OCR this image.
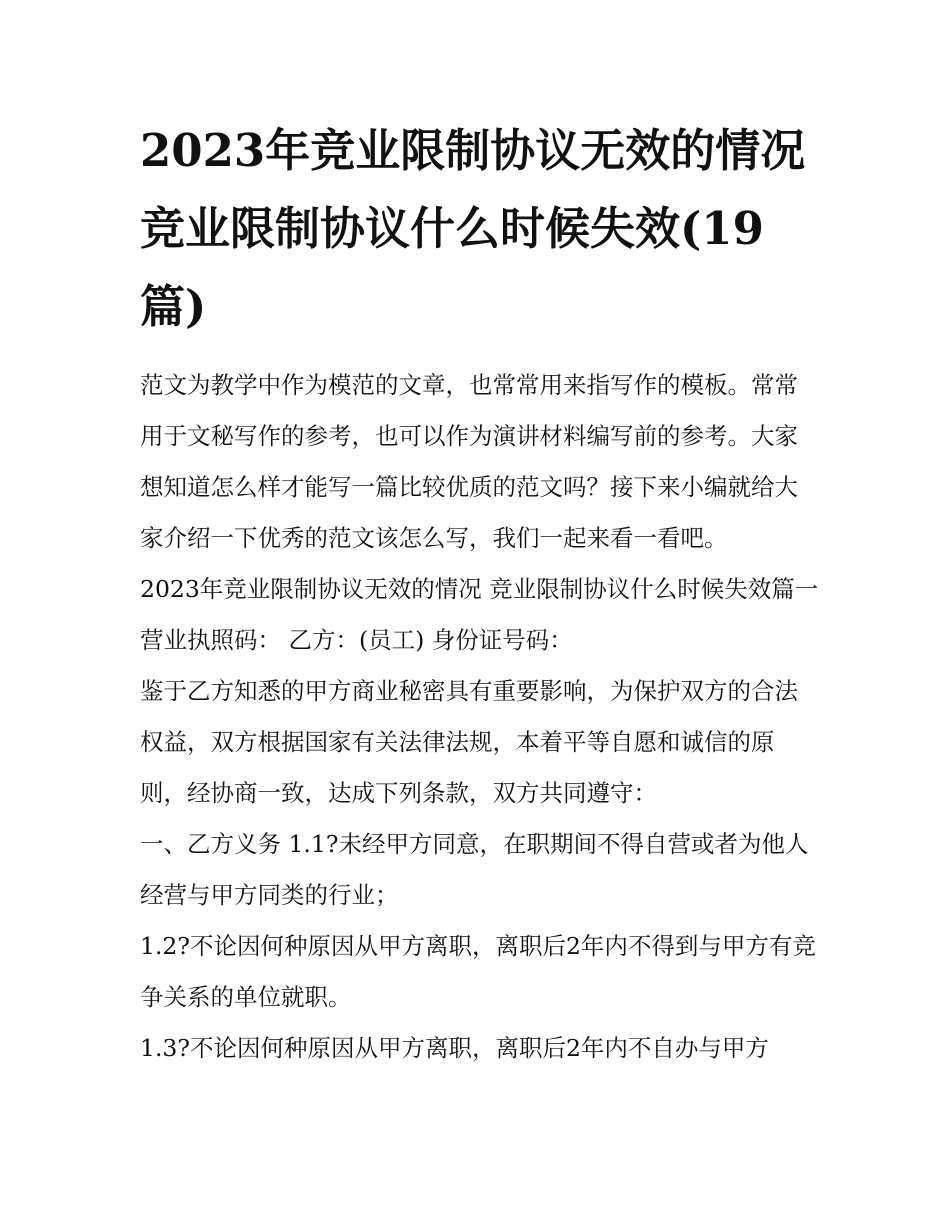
2023年竞业限制协议无效的情况 竞业限制协议什么时候失效(19篇)

范文为教学中作为模范的文章，也常常用来指写作的模板。常常用于文秘写作的参考，也可以作为演讲材料编写前的参考。大家想知道怎么样才能写一篇比较优质的范文吗？接下来小编就给大家介绍一下优秀的范文该怎么写，我们一起来看一看吧。

2023年竞业限制协议无效的情况 竞业限制协议什么时候失效篇一 营业执照码： 乙方：(员工) 身份证号码：

鉴于乙方知悉的甲方商业秘密具有重要影响，为保护双方的合法权益，双方根据国家有关法律法规，本着平等自愿和诚信的原则，经协商一致，达成下列条款，双方共同遵守：

一、乙方义务 1.1?未经甲方同意，在职期间不得自营或者为他人经营与甲方同类的行业；

1.2?不论因何种原因从甲方离职，离职后2年内不得到与甲方有竞争关系的单位就职。

1.3?不论因何种原因从甲方离职，离职后2年内不自办与甲方
